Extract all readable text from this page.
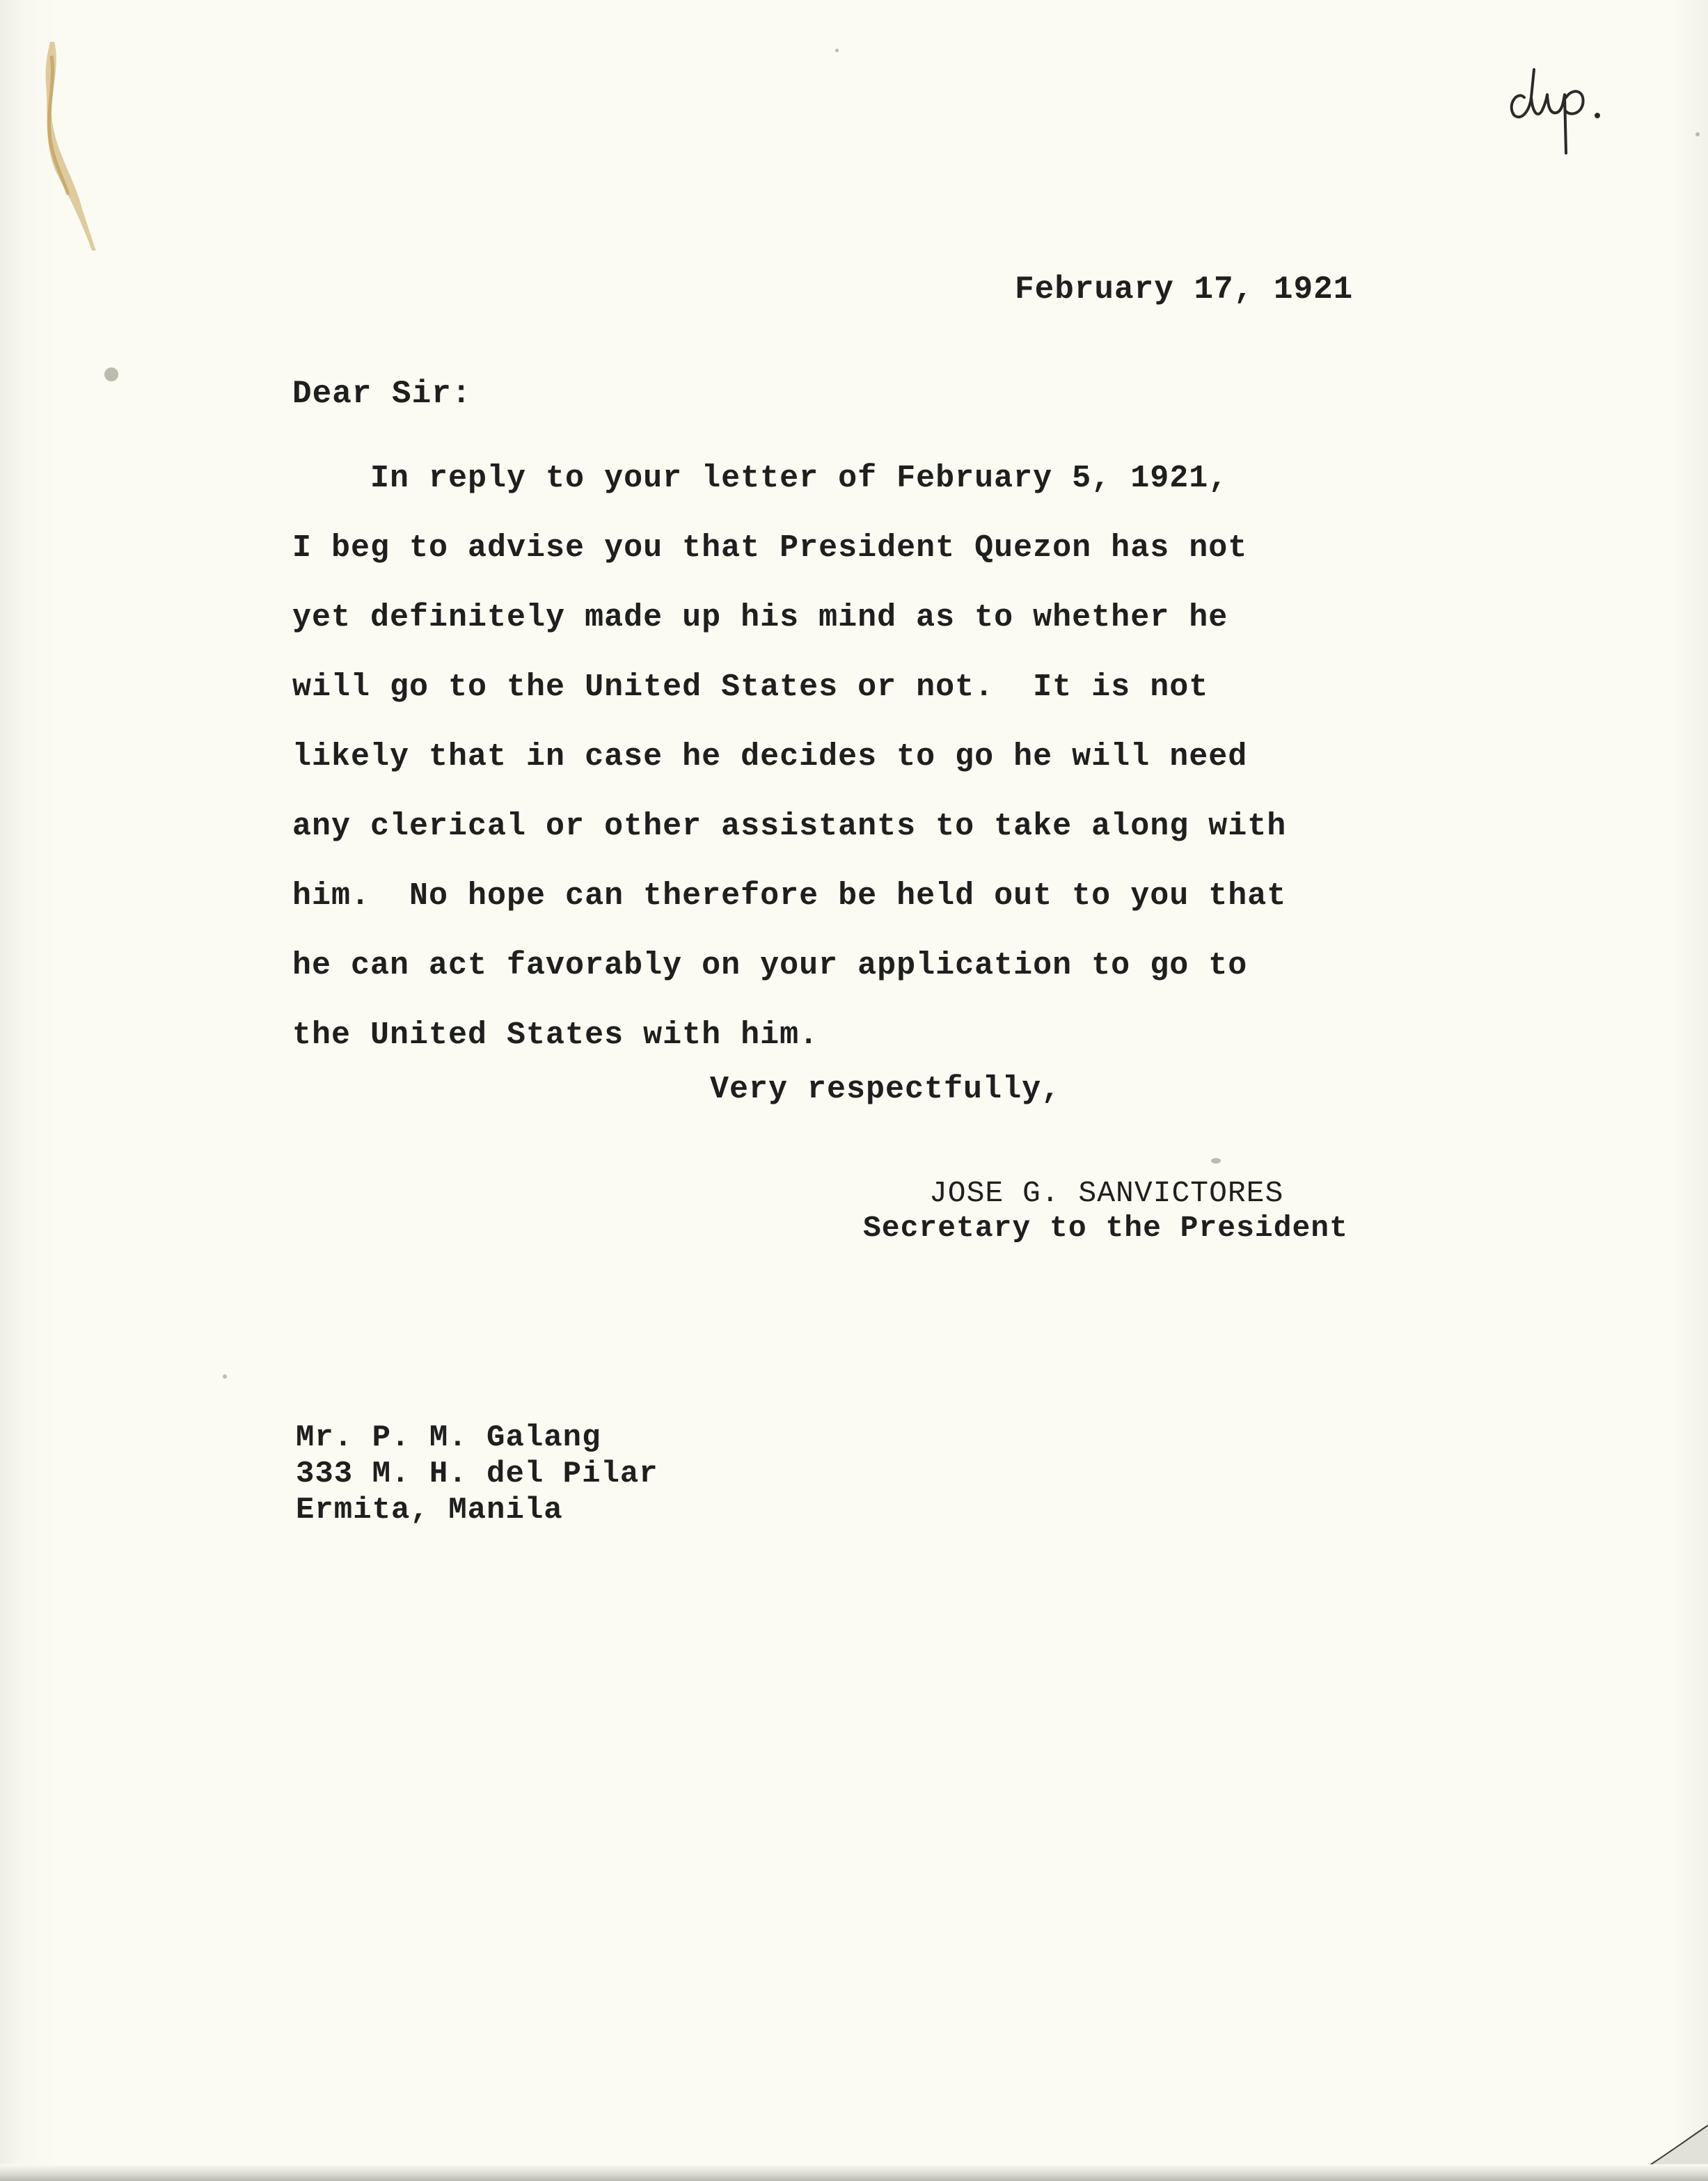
February 17, 1921
Dear Sir:
In reply to your letter of February 5, 1921,
I beg to advise you that President Quezon has not
yet definitely made up his mind as to whether he
will go to the United States or not.  It is not
likely that in case he decides to go he will need
any clerical or other assistants to take along with
him.  No hope can therefore be held out to you that
he can act favorably on your application to go to
the United States with him.
Very respectfully,
JOSE G. SANVICTORES
Secretary to the President
Mr. P. M. Galang
333 M. H. del Pilar
Ermita, Manila
